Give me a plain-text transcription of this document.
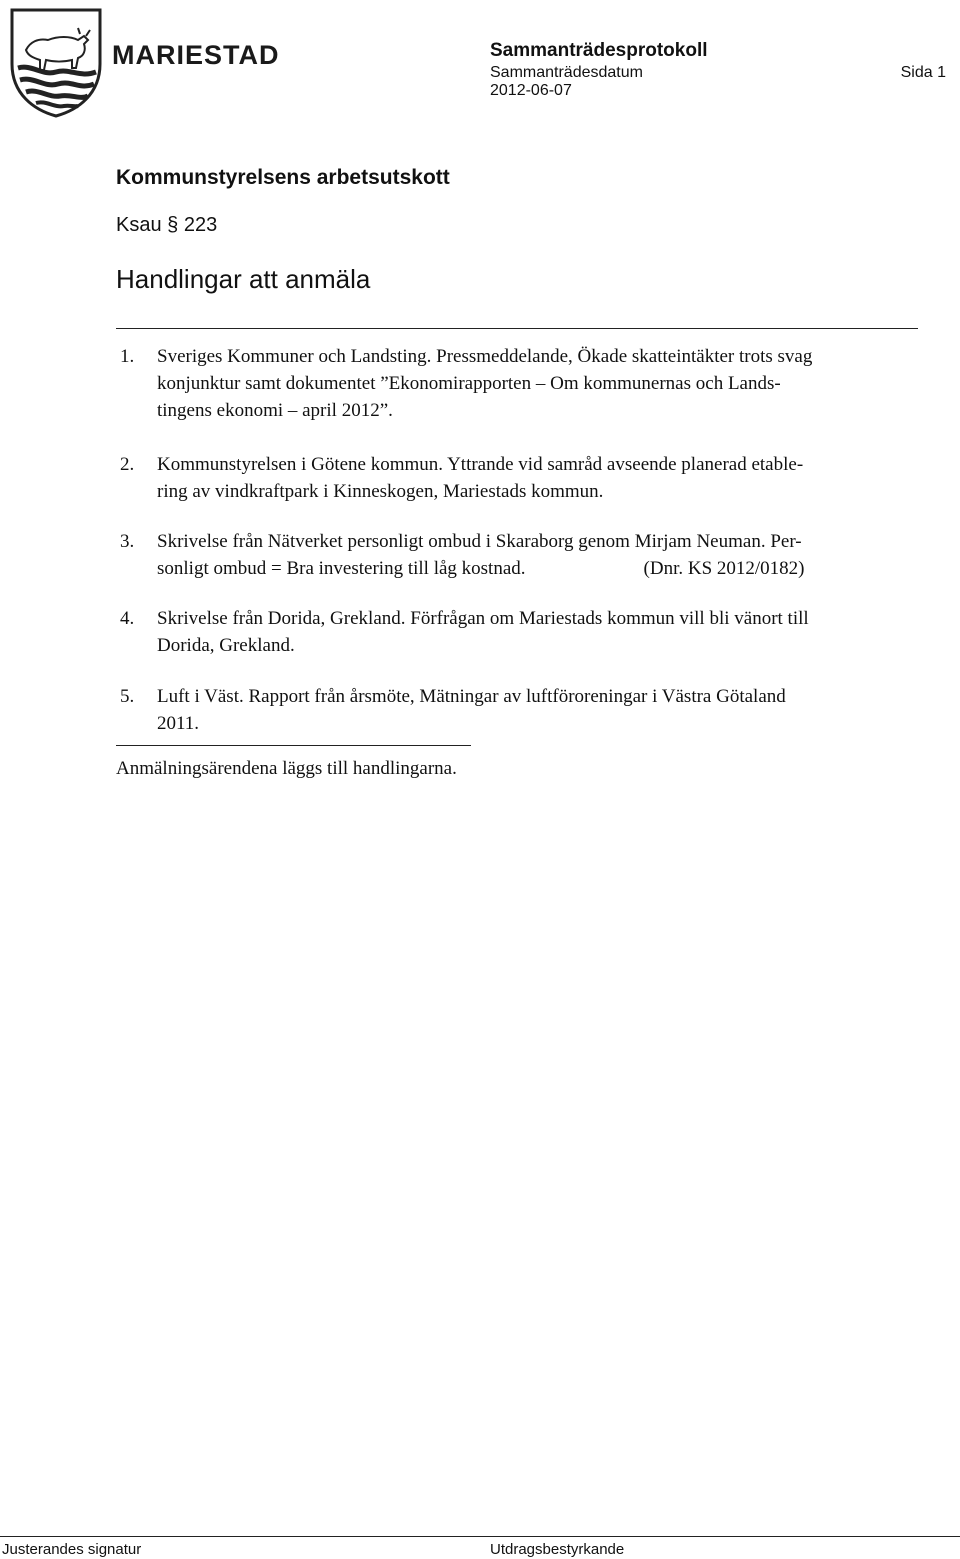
MARIESTAD	Sammanträdesprotokoll
Sammanträdesdatum	Sida 1
2012-06-07
Kommunstyrelsens arbetsutskott
Ksau § 223
Handlingar att anmäla
1. Sveriges Kommuner och Landsting. Pressmeddelande, Ökade skatteintäkter trots svag
konjunktur samt dokumentet ”Ekonomirapporten – Om kommunernas och Lands-
tingens ekonomi – april 2012”.
2. Kommunstyrelsen i Götene kommun. Yttrande vid samråd avseende planerad etable-
ring av vindkraftpark i Kinneskogen, Mariestads kommun.
3. Skrivelse från Nätverket personligt ombud i Skaraborg genom Mirjam Neuman. Per-
sonligt ombud = Bra investering till låg kostnad.	(Dnr. KS 2012/0182)
4. Skrivelse från Dorida, Grekland. Förfrågan om Mariestads kommun vill bli vänort till
Dorida, Grekland.
5. Luft i Väst. Rapport från årsmöte, Mätningar av luftföroreningar i Västra Götaland
2011.
Anmälningsärendena läggs till handlingarna.
Justerandes signatur	Utdragsbestyrkande
